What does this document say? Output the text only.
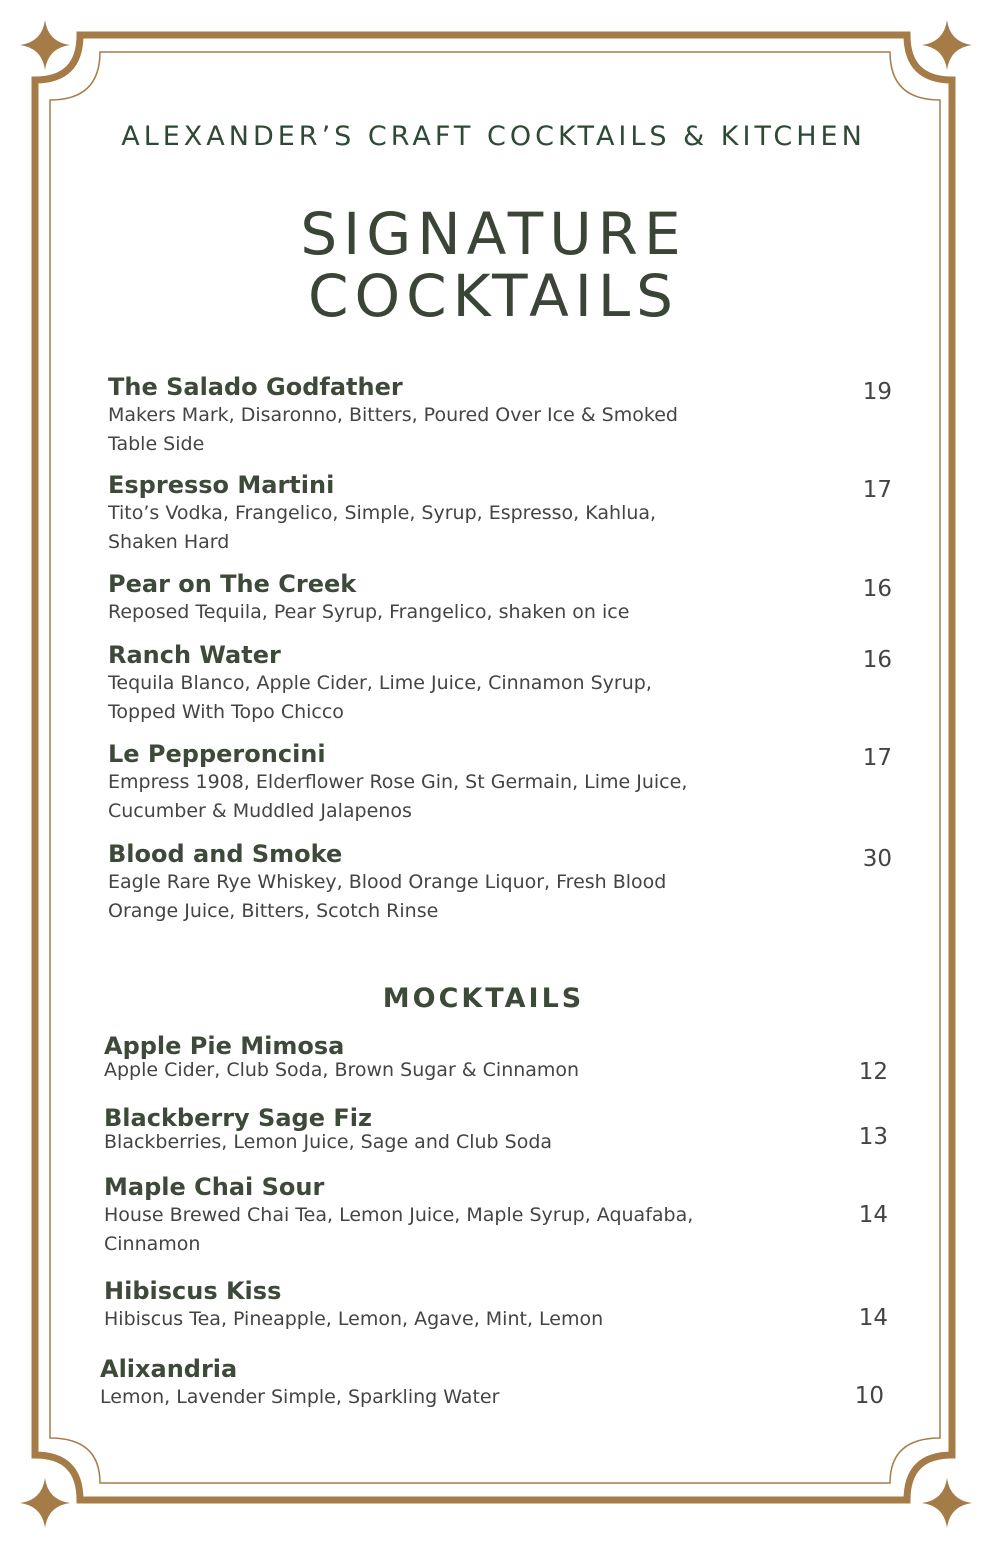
ALEXANDER’S CRAFT COCKTAILS & KITCHEN
SIGNATURE
COCKTAILS
The Salado Godfather
Makers Mark, Disaronno, Bitters, Poured Over Ice & Smoked
Table Side
19
Espresso Martini
Tito’s Vodka, Frangelico, Simple, Syrup, Espresso, Kahlua,
Shaken Hard
17
Pear on The Creek
Reposed Tequila, Pear Syrup, Frangelico, shaken on ice
16
Ranch Water
Tequila Blanco, Apple Cider, Lime Juice, Cinnamon Syrup,
Topped With Topo Chicco
16
Le Pepperoncini
Empress 1908, Elderflower Rose Gin, St Germain, Lime Juice,
Cucumber & Muddled Jalapenos
17
Blood and Smoke
Eagle Rare Rye Whiskey, Blood Orange Liquor, Fresh Blood
Orange Juice, Bitters, Scotch Rinse
30
MOCKTAILS
Apple Pie Mimosa
Apple Cider, Club Soda, Brown Sugar & Cinnamon	12
Blackberry Sage Fiz
Blackberries, Lemon Juice, Sage and Club Soda	13
Maple Chai Sour
House Brewed Chai Tea, Lemon Juice, Maple Syrup, Aquafaba,
Cinnamon
14
Hibiscus Kiss
Hibiscus Tea, Pineapple, Lemon, Agave, Mint, Lemon	14
Alixandria
Lemon, Lavender Simple, Sparkling Water	10
